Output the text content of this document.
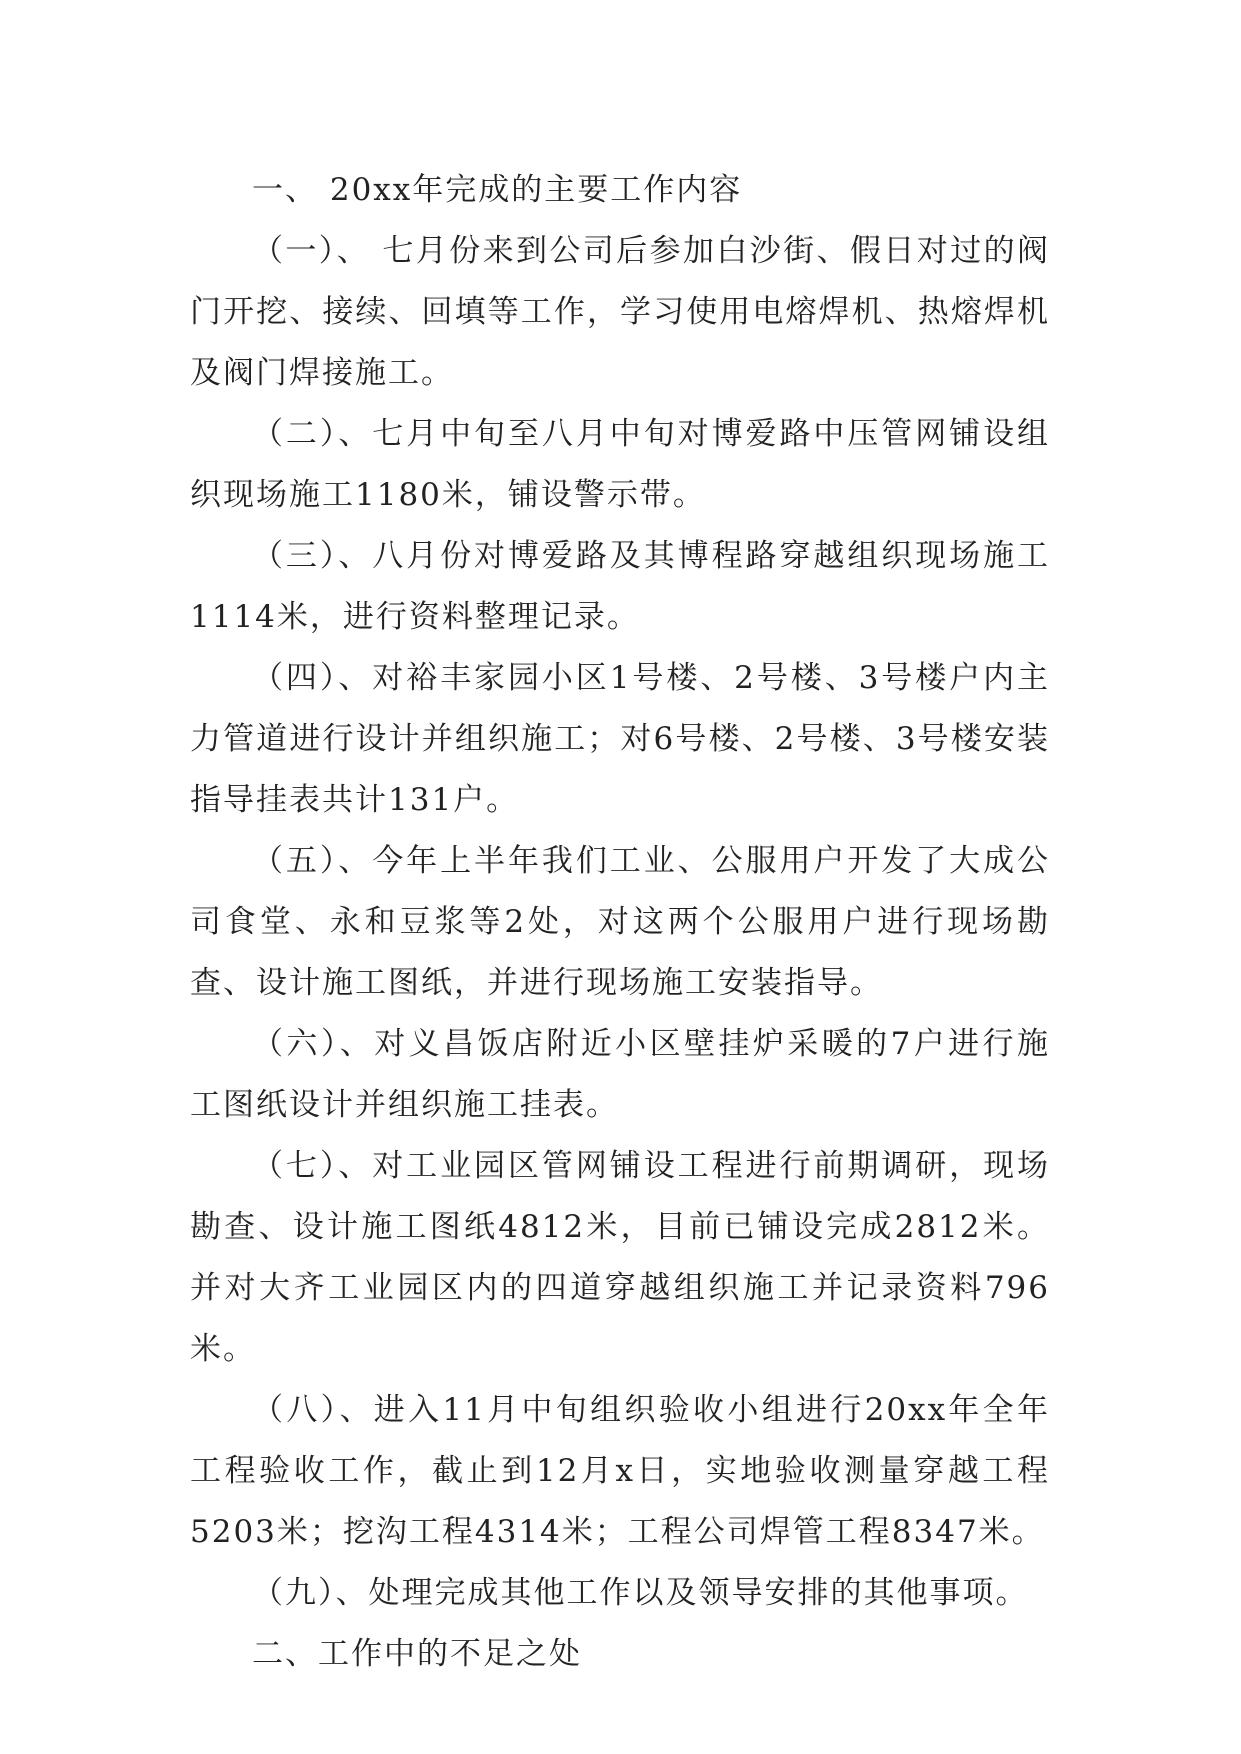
一、 20xx年完成的主要工作内容

（一）、 七月份来到公司后参加白沙街、假日对过的阀门开挖、接续、回填等工作，学习使用电熔焊机、热熔焊机及阀门焊接施工。

（二）、七月中旬至八月中旬对博爱路中压管网铺设组织现场施工1180米，铺设警示带。

（三）、八月份对博爱路及其博程路穿越组织现场施工1114米，进行资料整理记录。

（四）、对裕丰家园小区1号楼、2号楼、3号楼户内主力管道进行设计并组织施工；对6号楼、2号楼、3号楼安装指导挂表共计131户。

（五）、今年上半年我们工业、公服用户开发了大成公司食堂、永和豆浆等2处，对这两个公服用户进行现场勘查、设计施工图纸，并进行现场施工安装指导。

（六）、对义昌饭店附近小区壁挂炉采暖的7户进行施工图纸设计并组织施工挂表。

（七）、对工业园区管网铺设工程进行前期调研，现场勘查、设计施工图纸4812米，目前已铺设完成2812米。并对大齐工业园区内的四道穿越组织施工并记录资料796米。

（八）、进入11月中旬组织验收小组进行20xx年全年工程验收工作，截止到12月x日，实地验收测量穿越工程5203米；挖沟工程4314米；工程公司焊管工程8347米。

（九）、处理完成其他工作以及领导安排的其他事项。

二、工作中的不足之处
